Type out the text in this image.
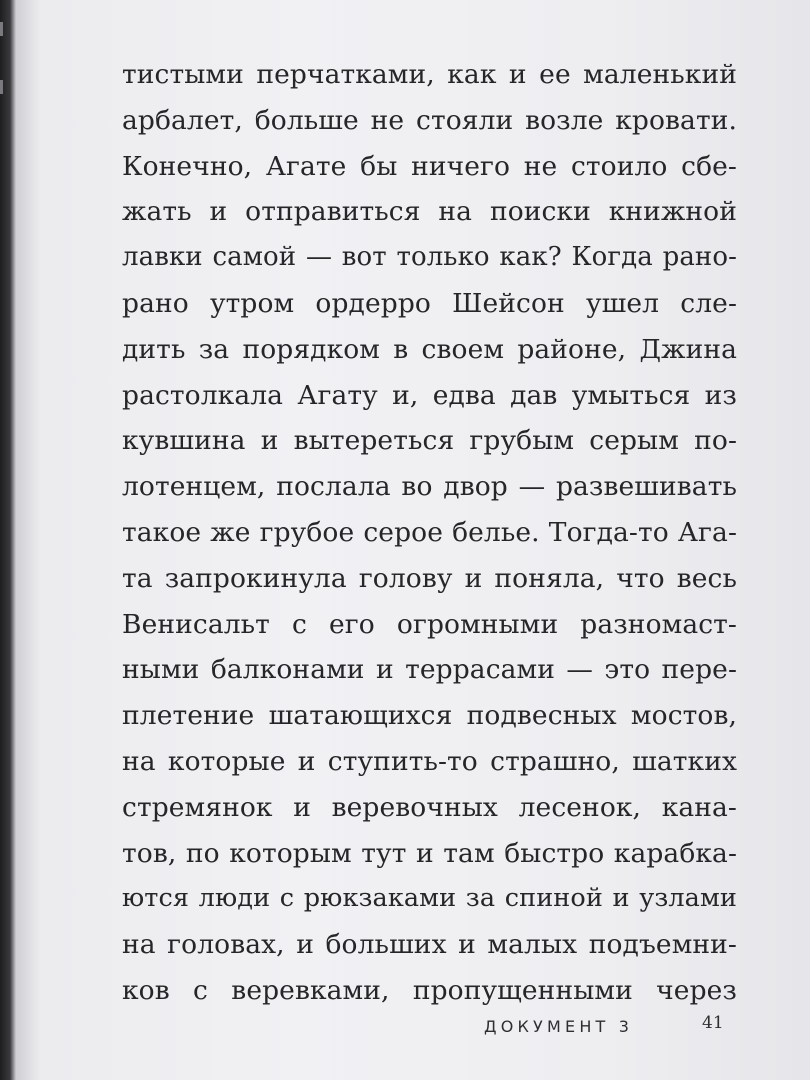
тистыми перчатками, как и ее маленький
арбалет, больше не стояли возле кровати.
Конечно, Агате бы ничего не стоило сбе-
жать и отправиться на поиски книжной
лавки самой — вот только как? Когда рано-
рано утром ордерро Шейсон ушел сле-
дить за порядком в своем районе, Джина
растолкала Агату и, едва дав умыться из
кувшина и вытереться грубым серым по-
лотенцем, послала во двор — развешивать
такое же грубое серое белье. Тогда-то Ага-
та запрокинула голову и поняла, что весь
Венисальт с его огромными разномаст-
ными балконами и террасами — это пере-
плетение шатающихся подвесных мостов,
на которые и ступить-то страшно, шатких
стремянок и веревочных лесенок, кана-
тов, по которым тут и там быстро карабка-
ются люди с рюкзаками за спиной и узлами
на головах, и больших и малых подъемни-
ков с веревками, пропущенными через
ДОКУМЕНТ 3	41
